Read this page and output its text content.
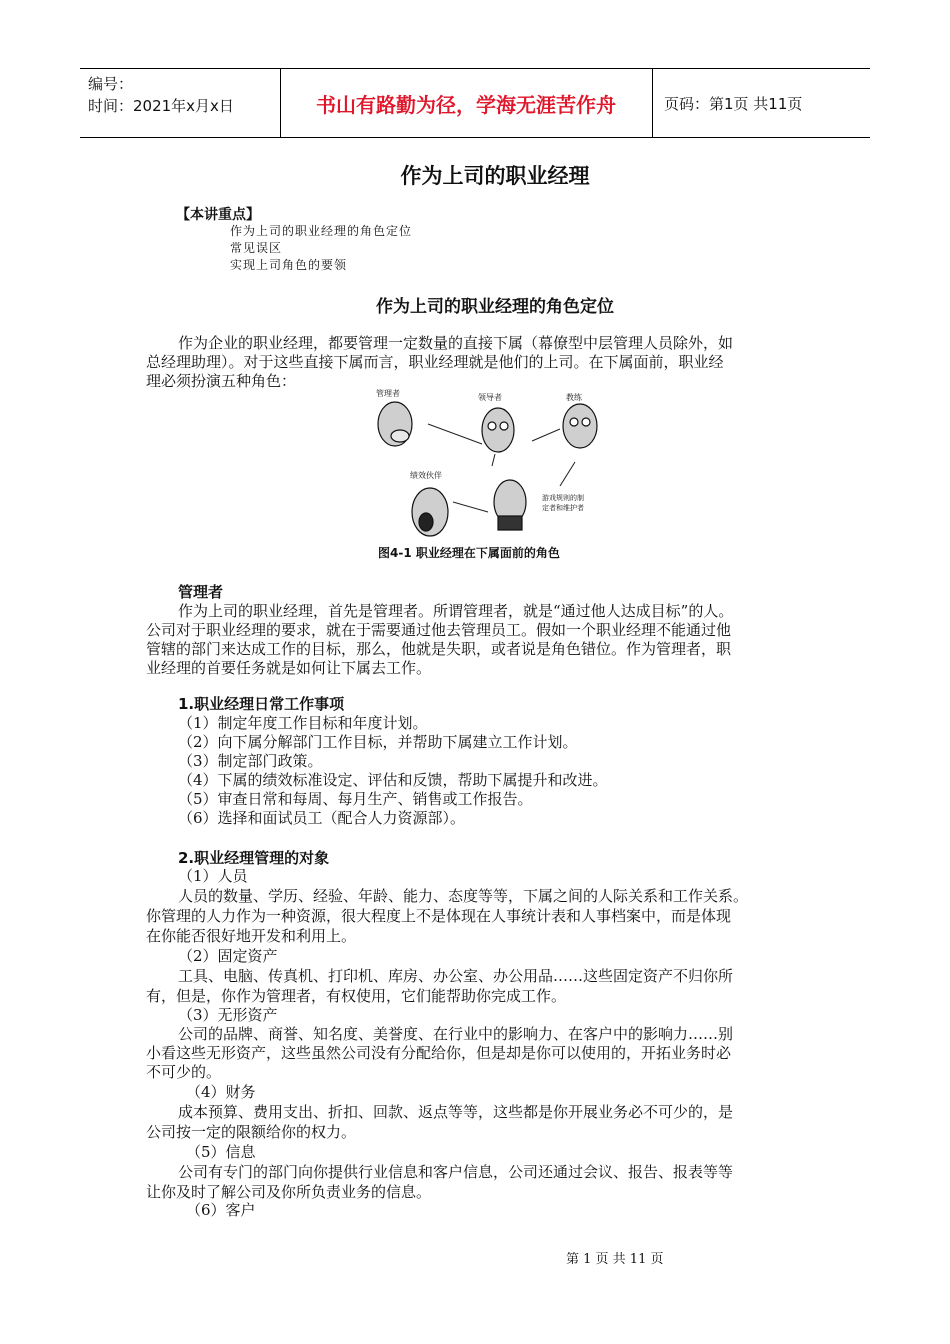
编号：
时间：2021年x月x日	书山有路勤为径，学海无涯苦作舟	页码：第1页 共11页
作为上司的职业经理
【本讲重点】
作为上司的职业经理的角色定位
常见误区
实现上司角色的要领
作为上司的职业经理的角色定位
作为企业的职业经理，都要管理一定数量的直接下属（幕僚型中层管理人员除外，如
总经理助理）。对于这些直接下属而言，职业经理就是他们的上司。在下属面前，职业经
理必须扮演五种角色：
管理者	领导者	教练
绩效伙伴
游戏规则的制
定者和维护者
图4-1 职业经理在下属面前的角色
管理者
作为上司的职业经理，首先是管理者。所谓管理者，就是“通过他人达成目标”的人。
公司对于职业经理的要求，就在于需要通过他去管理员工。假如一个职业经理不能通过他
管辖的部门来达成工作的目标，那么，他就是失职，或者说是角色错位。作为管理者，职
业经理的首要任务就是如何让下属去工作。
1.职业经理日常工作事项
（1）制定年度工作目标和年度计划。
（2）向下属分解部门工作目标，并帮助下属建立工作计划。
（3）制定部门政策。
（4）下属的绩效标准设定、评估和反馈，帮助下属提升和改进。
（5）审查日常和每周、每月生产、销售或工作报告。
（6）选择和面试员工（配合人力资源部）。
2.职业经理管理的对象
（1）人员
人员的数量、学历、经验、年龄、能力、态度等等，下属之间的人际关系和工作关系。
你管理的人力作为一种资源，很大程度上不是体现在人事统计表和人事档案中，而是体现
在你能否很好地开发和利用上。
（2）固定资产
工具、电脑、传真机、打印机、库房、办公室、办公用品……这些固定资产不归你所
有，但是，你作为管理者，有权使用，它们能帮助你完成工作。
（3）无形资产
公司的品牌、商誉、知名度、美誉度、在行业中的影响力、在客户中的影响力……别
小看这些无形资产，这些虽然公司没有分配给你，但是却是你可以使用的，开拓业务时必
不可少的。
（4）财务
成本预算、费用支出、折扣、回款、返点等等，这些都是你开展业务必不可少的，是
公司按一定的限额给你的权力。
（5）信息
公司有专门的部门向你提供行业信息和客户信息，公司还通过会议、报告、报表等等
让你及时了解公司及你所负责业务的信息。
（6）客户
第 1 页 共 11 页
